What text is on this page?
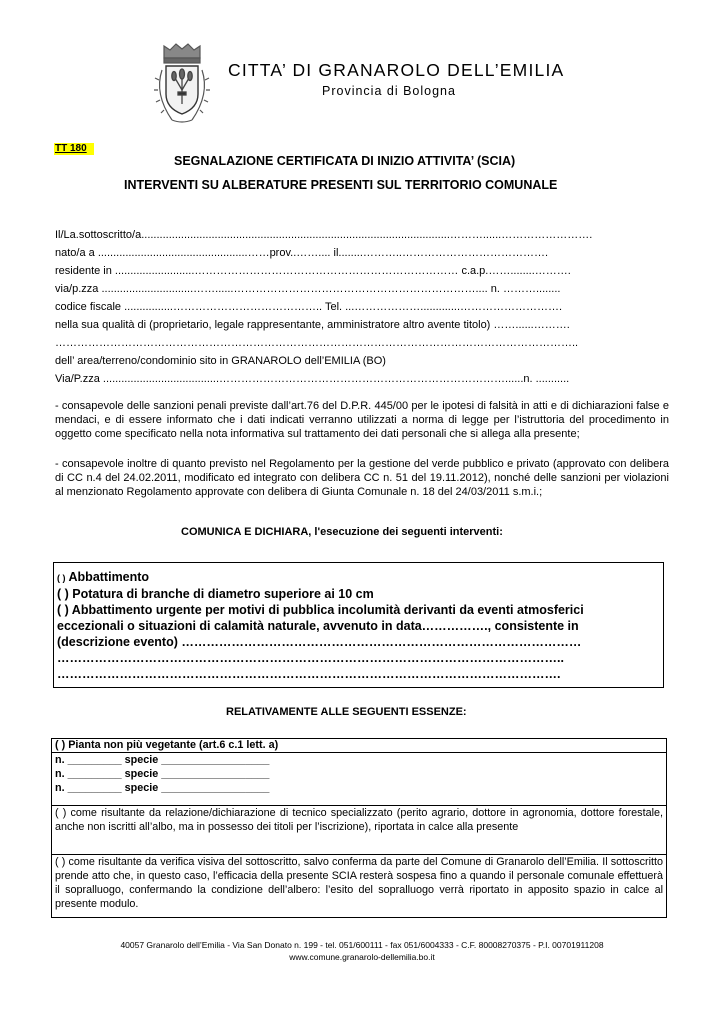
CITTA’ DI GRANAROLO DELL’EMILIA
Provincia di Bologna
TT 180
SEGNALAZIONE CERTIFICATA DI INIZIO ATTIVITA’ (SCIA)
INTERVENTI SU ALBERATURE PRESENTI SUL TERRITORIO COMUNALE
Il/La.sottoscritto/a.....................................................................................................………......…………………….
nato/a a .................................................……prov..…….... il........………..………………………………….
residente in ..........................……………………………………………………………… c.a.p.……........……….
via/p.zza ..............................……......………………………………………………………….... n. ………........
codice fiscale ................………………………………….. Tel. ...……………….............……………………….
nella sua qualità di (proprietario, legale rappresentante, amministratore altro avente titolo) ……......……….
……………………………………………………………………………………………………………………………..
dell’ area/terreno/condominio sito in GRANAROLO dell’EMILIA (BO)
Via/P.zza ......................................……………………………………………………………………......n. ...........
- consapevole delle sanzioni penali previste dall’art.76 del D.P.R. 445/00 per le ipotesi di falsità in atti e di dichiarazioni false e mendaci, e di essere informato che i dati indicati verranno utilizzati a norma di legge per l’istruttoria del procedimento in oggetto come specificato nella nota informativa sul trattamento dei dati personali che si allega alla presente;
- consapevole inoltre di quanto previsto nel Regolamento per la gestione del verde pubblico e privato (approvato con delibera di CC n.4 del 24.02.2011, modificato ed integrato con delibera CC n. 51 del 19.11.2012), nonché delle sanzioni per violazioni al menzionato Regolamento approvate con delibera di Giunta Comunale n. 18 del 24/03/2011 s.m.i.;
COMUNICA E DICHIARA, l'esecuzione dei seguenti interventi:
( ) Abbattimento
( ) Potatura di branche di diametro superiore ai 10 cm
( ) Abbattimento urgente per motivi di pubblica incolumità derivanti da eventi atmosferici
eccezionali o situazioni di calamità naturale, avvenuto in data……………., consistente in
(descrizione evento) ……………………………………………………………………………………
…………………………………………………………………………………………………………..
………………………………………………………………………………………………………….
RELATIVAMENTE ALLE SEGUENTI ESSENZE:
( ) Pianta non più vegetante (art.6 c.1 lett. a)

n. _________ specie __________________
n. _________ specie __________________
n. _________ specie __________________

( ) come risultante da relazione/dichiarazione di tecnico specializzato (perito agrario, dottore in agronomia, dottore forestale, anche non iscritti all’albo, ma in possesso dei titoli per l’iscrizione), riportata in calce alla presente
( ) come risultante da verifica visiva del sottoscritto, salvo conferma da parte del Comune di Granarolo dell’Emilia. Il sottoscritto prende atto che, in questo caso, l’efficacia della presente SCIA resterà sospesa fino a quando il personale comunale effettuerà il sopralluogo, confermando la condizione dell’albero: l’esito del sopralluogo verrà riportato in apposito spazio in calce al presente modulo.
40057 Granarolo dell’Emilia - Via San Donato n. 199 - tel. 051/600111 - fax 051/6004333 - C.F. 80008270375 - P.I. 00701911208
www.comune.granarolo-dellemilia.bo.it
